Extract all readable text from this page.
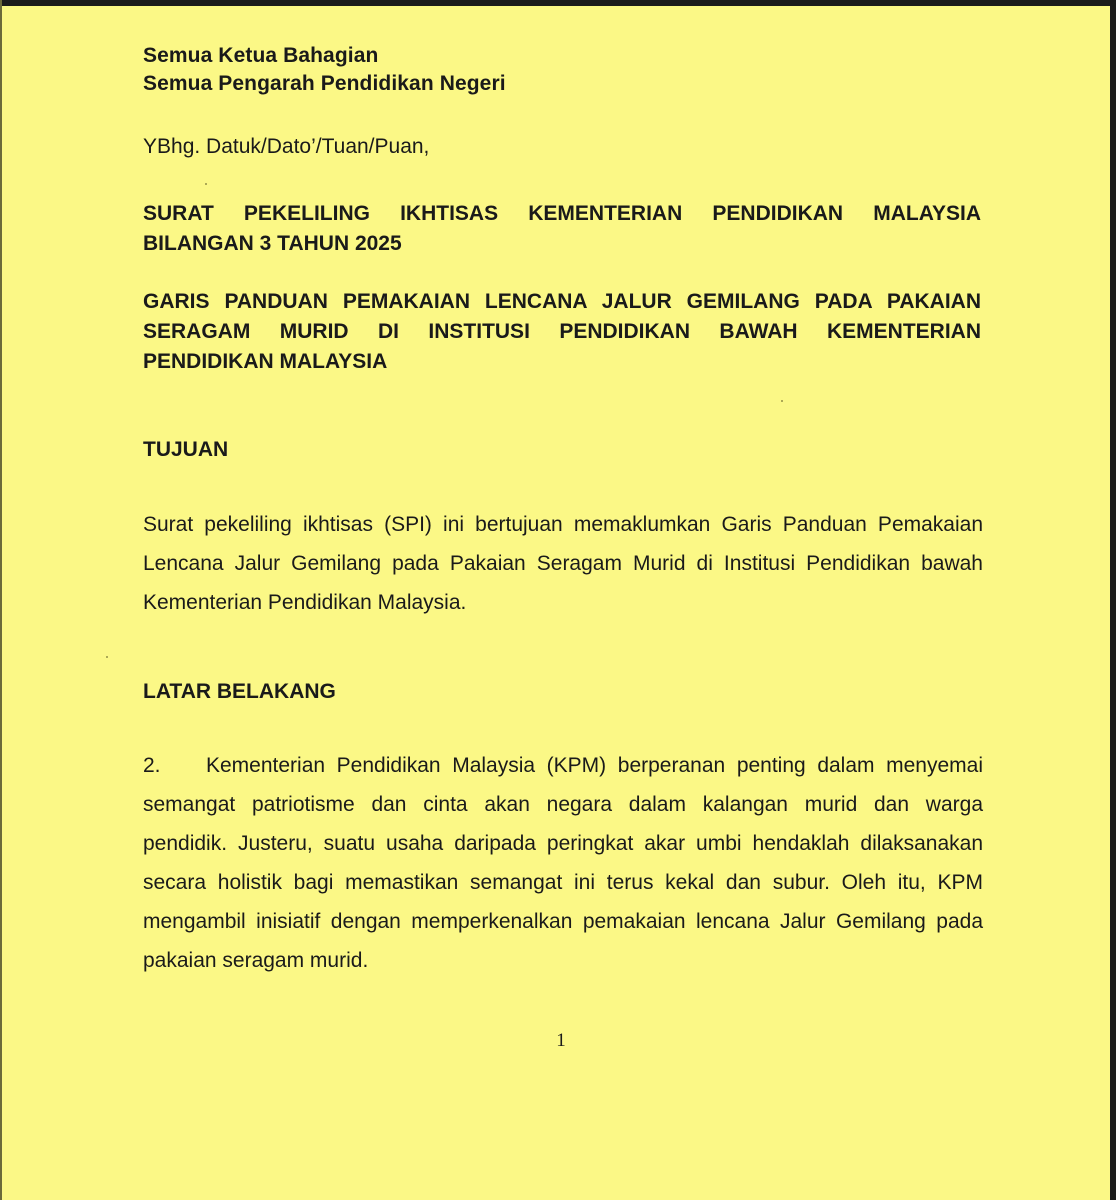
Semua Ketua Bahagian
Semua Pengarah Pendidikan Negeri
YBhg. Datuk/Dato’/Tuan/Puan,
SURAT PEKELILING IKHTISAS KEMENTERIAN PENDIDIKAN MALAYSIA
BILANGAN 3 TAHUN 2025
GARIS PANDUAN PEMAKAIAN LENCANA JALUR GEMILANG PADA PAKAIAN
SERAGAM MURID DI INSTITUSI PENDIDIKAN BAWAH KEMENTERIAN
PENDIDIKAN MALAYSIA
TUJUAN
Surat pekeliling ikhtisas (SPI) ini bertujuan memaklumkan Garis Panduan Pemakaian
Lencana Jalur Gemilang pada Pakaian Seragam Murid di Institusi Pendidikan bawah
Kementerian Pendidikan Malaysia.
LATAR BELAKANG
2. Kementerian Pendidikan Malaysia (KPM) berperanan penting dalam menyemai
semangat patriotisme dan cinta akan negara dalam kalangan murid dan warga
pendidik. Justeru, suatu usaha daripada peringkat akar umbi hendaklah dilaksanakan
secara holistik bagi memastikan semangat ini terus kekal dan subur. Oleh itu, KPM
mengambil inisiatif dengan memperkenalkan pemakaian lencana Jalur Gemilang pada
pakaian seragam murid.
1
